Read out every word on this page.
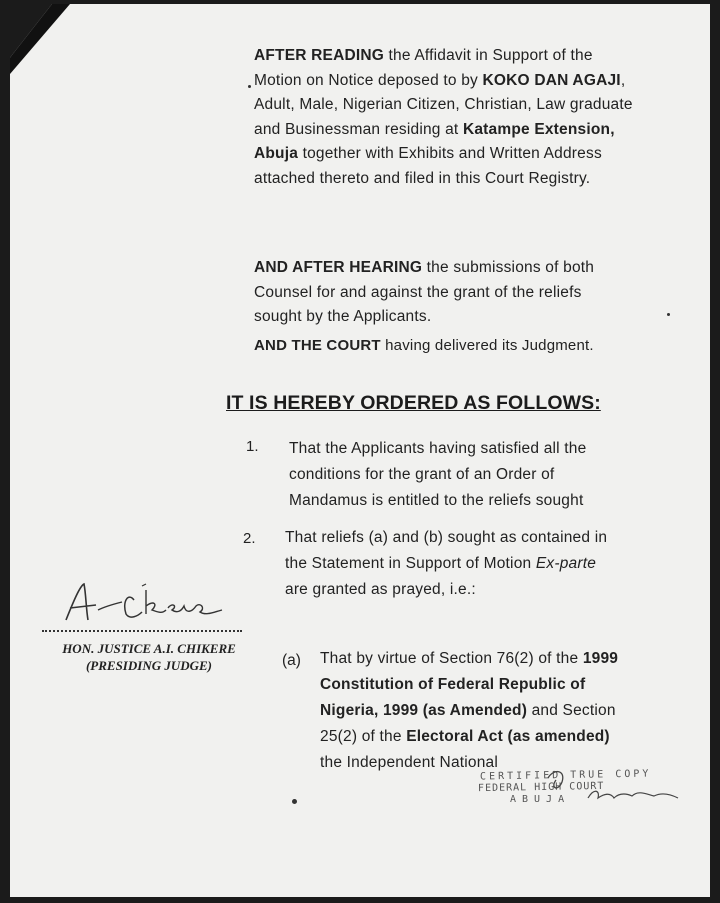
AFTER READING the Affidavit in Support of the Motion on Notice deposed to by KOKO DAN AGAJI, Adult, Male, Nigerian Citizen, Christian, Law graduate and Businessman residing at Katampe Extension, Abuja together with Exhibits and Written Address attached thereto and filed in this Court Registry.
AND AFTER HEARING the submissions of both Counsel for and against the grant of the reliefs sought by the Applicants.
AND THE COURT having delivered its Judgment.
IT IS HEREBY ORDERED AS FOLLOWS:
1. That the Applicants having satisfied all the conditions for the grant of an Order of Mandamus is entitled to the reliefs sought
2. That reliefs (a) and (b) sought as contained in the Statement in Support of Motion Ex-parte are granted as prayed, i.e.:
(a) That by virtue of Section 76(2) of the 1999 Constitution of Federal Republic of Nigeria, 1999 (as Amended) and Section 25(2) of the Electoral Act (as amended) the Independent National
HON. JUSTICE A.I. CHIKERE
(PRESIDING JUDGE)
CERTIFIED TRUE COPY
FEDERAL HIGH COURT
ABUJA
